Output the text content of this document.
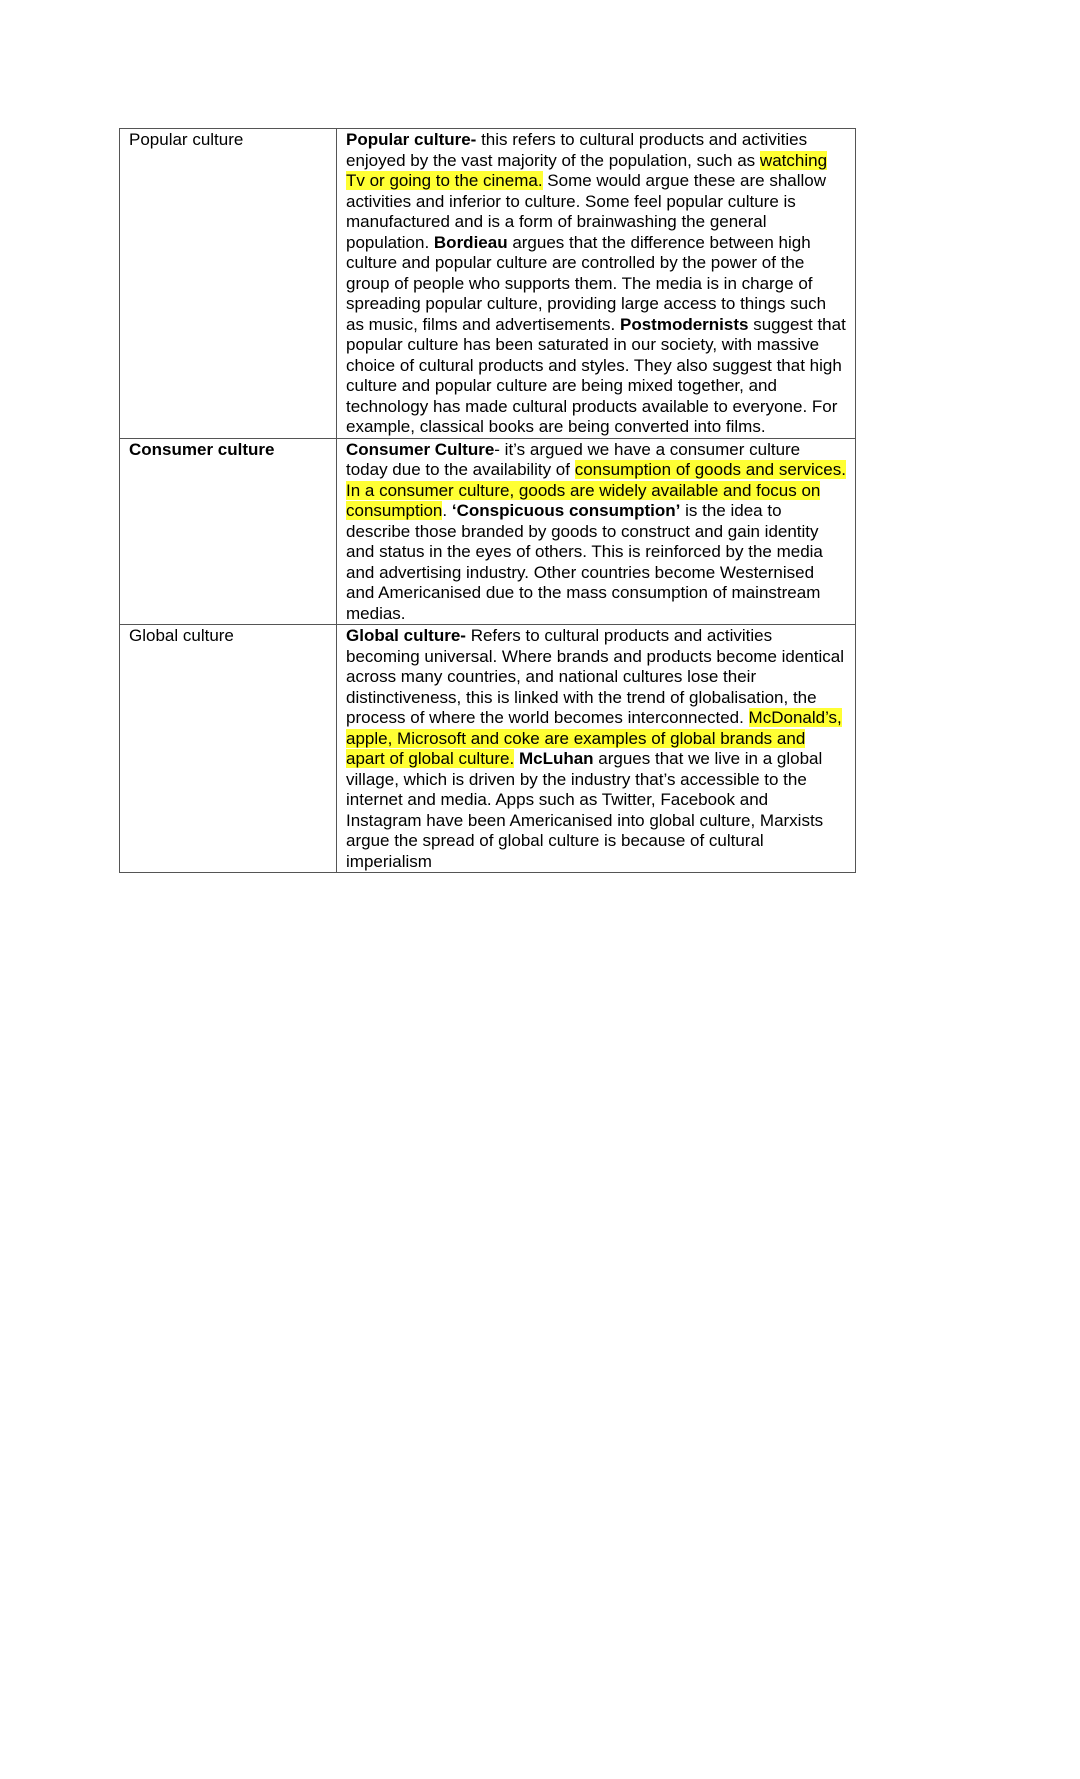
Popular culture	Popular culture- this refers to cultural products and activities enjoyed by the vast majority of the population, such as watching Tv or going to the cinema. Some would argue these are shallow activities and inferior to culture. Some feel popular culture is manufactured and is a form of brainwashing the general population. Bordieau argues that the difference between high culture and popular culture are controlled by the power of the group of people who supports them. The media is in charge of spreading popular culture, providing large access to things such as music, films and advertisements. Postmodernists suggest that popular culture has been saturated in our society, with massive choice of cultural products and styles. They also suggest that high culture and popular culture are being mixed together, and technology has made cultural products available to everyone. For example, classical books are being converted into films.
Consumer culture	Consumer Culture- it’s argued we have a consumer culture today due to the availability of consumption of goods and services. In a consumer culture, goods are widely available and focus on consumption. ‘Conspicuous consumption’ is the idea to describe those branded by goods to construct and gain identity and status in the eyes of others. This is reinforced by the media and advertising industry. Other countries become Westernised and Americanised due to the mass consumption of mainstream medias.
Global culture	Global culture- Refers to cultural products and activities becoming universal. Where brands and products become identical across many countries, and national cultures lose their distinctiveness, this is linked with the trend of globalisation, the process of where the world becomes interconnected. McDonald’s, apple, Microsoft and coke are examples of global brands and apart of global culture. McLuhan argues that we live in a global village, which is driven by the industry that’s accessible to the internet and media. Apps such as Twitter, Facebook and Instagram have been Americanised into global culture, Marxists argue the spread of global culture is because of cultural imperialism
